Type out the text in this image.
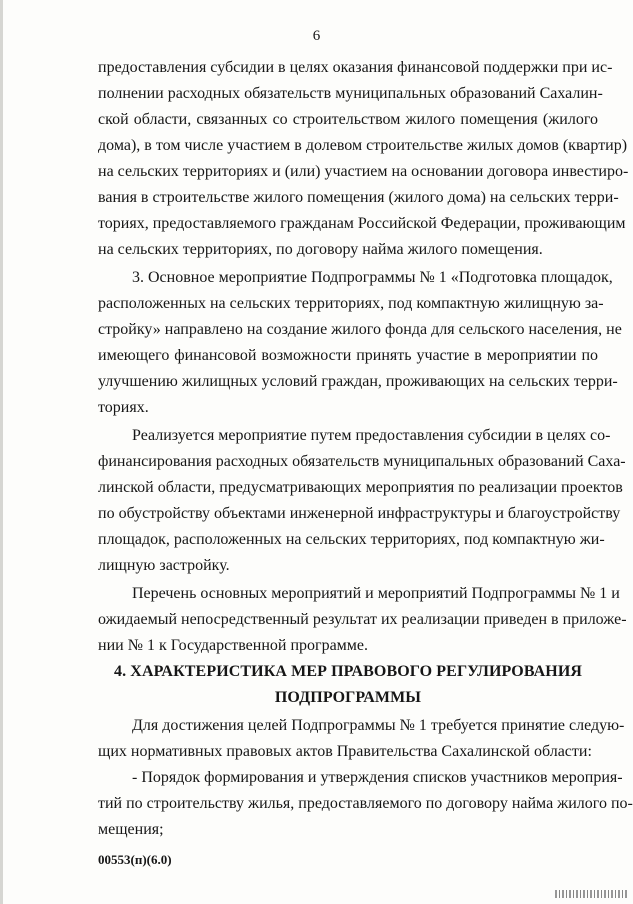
6
предоставления субсидии в целях оказания финансовой поддержки при ис-
полнении расходных обязательств муниципальных образований Сахалин-
ской области, связанных со строительством жилого помещения (жилого
дома), в том числе участием в долевом строительстве жилых домов (квартир)
на сельских территориях и (или) участием на основании договора инвестиро-
вания в строительстве жилого помещения (жилого дома) на сельских терри-
ториях, предоставляемого гражданам Российской Федерации, проживающим
на сельских территориях, по договору найма жилого помещения.
3. Основное мероприятие Подпрограммы № 1 «Подготовка площадок,
расположенных на сельских территориях, под компактную жилищную за-
стройку» направлено на создание жилого фонда для сельского населения, не
имеющего финансовой возможности принять участие в мероприятии по
улучшению жилищных условий граждан, проживающих на сельских терри-
ториях.
Реализуется мероприятие путем предоставления субсидии в целях со-
финансирования расходных обязательств муниципальных образований Саха-
линской области, предусматривающих мероприятия по реализации проектов
по обустройству объектами инженерной инфраструктуры и благоустройству
площадок, расположенных на сельских территориях, под компактную жи-
лищную застройку.
Перечень основных мероприятий и мероприятий Подпрограммы № 1 и
ожидаемый непосредственный результат их реализации приведен в приложе-
нии № 1 к Государственной программе.
4. ХАРАКТЕРИСТИКА МЕР ПРАВОВОГО РЕГУЛИРОВАНИЯ
ПОДПРОГРАММЫ
Для достижения целей Подпрограммы № 1 требуется принятие следую-
щих нормативных правовых актов Правительства Сахалинской области:
- Порядок формирования и утверждения списков участников мероприя-
тий по строительству жилья, предоставляемого по договору найма жилого по-
мещения;
00553(п)(6.0)
